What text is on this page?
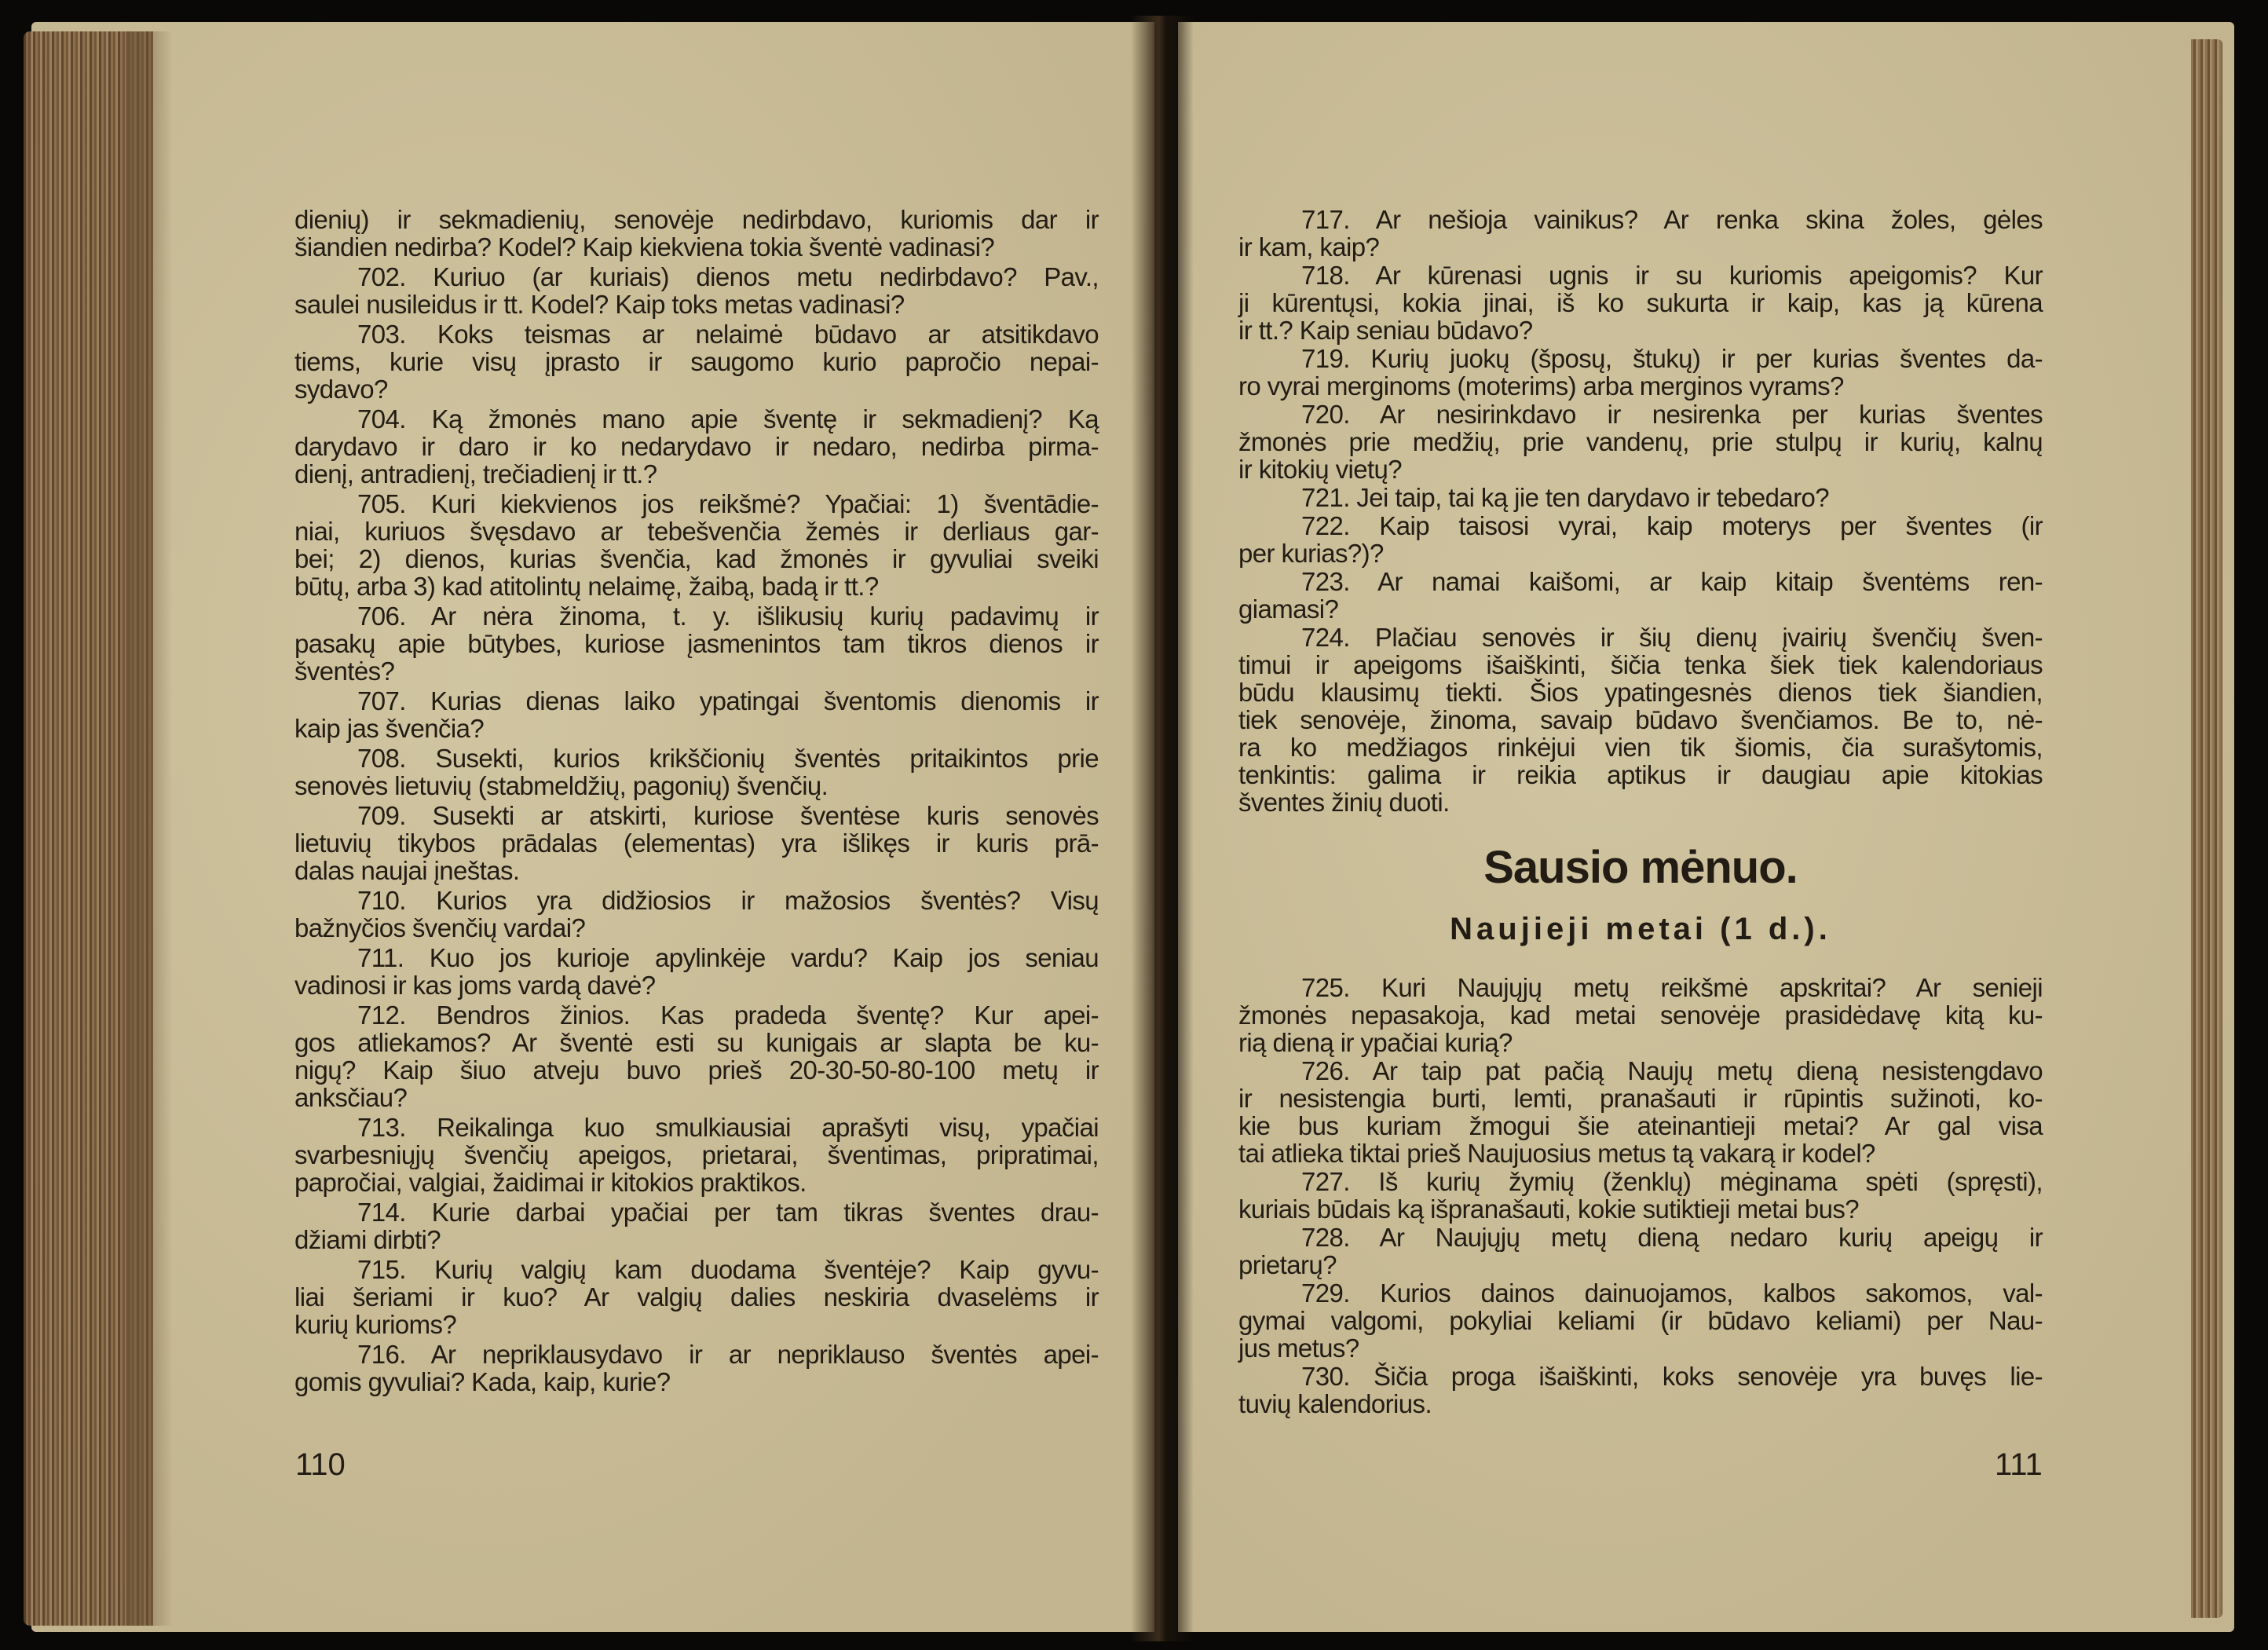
dienių) ir sekmadienių, senovėje nedirbdavo, kuriomis dar ir
šiandien nedirba? Kodel? Kaip kiekviena tokia šventė vadinasi?
702. Kuriuo (ar kuriais) dienos metu nedirbdavo? Pav.,
saulei nusileidus ir tt. Kodel? Kaip toks metas vadinasi?
703. Koks teismas ar nelaimė būdavo ar atsitikdavo
tiems, kurie visų įprasto ir saugomo kurio papročio nepai-
sydavo?
704. Ką žmonės mano apie šventę ir sekmadienį? Ką
darydavo ir daro ir ko nedarydavo ir nedaro, nedirba pirma-
dienį, antradienį, trečiadienį ir tt.?
705. Kuri kiekvienos jos reikšmė? Ypačiai: 1) šventādie-
niai, kuriuos švęsdavo ar tebešvenčia žemės ir derliaus gar-
bei; 2) dienos, kurias švenčia, kad žmonės ir gyvuliai sveiki
būtų, arba 3) kad atitolintų nelaimę, žaibą, badą ir tt.?
706. Ar nėra žinoma, t. y. išlikusių kurių padavimų ir
pasakų apie būtybes, kuriose įasmenintos tam tikros dienos ir
šventės?
707. Kurias dienas laiko ypatingai šventomis dienomis ir
kaip jas švenčia?
708. Susekti, kurios krikščionių šventės pritaikintos prie
senovės lietuvių (stabmeldžių, pagonių) švenčių.
709. Susekti ar atskirti, kuriose šventėse kuris senovės
lietuvių tikybos prādalas (elementas) yra išlikęs ir kuris prā-
dalas naujai įneštas.
710. Kurios yra didžiosios ir mažosios šventės? Visų
bažnyčios švenčių vardai?
711. Kuo jos kurioje apylinkėje vardu? Kaip jos seniau
vadinosi ir kas joms vardą davė?
712. Bendros žinios. Kas pradeda šventę? Kur apei-
gos atliekamos? Ar šventė esti su kunigais ar slapta be ku-
nigų? Kaip šiuo atveju buvo prieš 20-30-50-80-100 metų ir
anksčiau?
713. Reikalinga kuo smulkiausiai aprašyti visų, ypačiai
svarbesniųjų švenčių apeigos, prietarai, šventimas, pripratimai,
papročiai, valgiai, žaidimai ir kitokios praktikos.
714. Kurie darbai ypačiai per tam tikras šventes drau-
džiami dirbti?
715. Kurių valgių kam duodama šventėje? Kaip gyvu-
liai šeriami ir kuo? Ar valgių dalies neskiria dvaselėms ir
kurių kurioms?
716. Ar nepriklausydavo ir ar nepriklauso šventės apei-
gomis gyvuliai? Kada, kaip, kurie?
717. Ar nešioja vainikus? Ar renka skina žoles, gėles
ir kam, kaip?
718. Ar kūrenasi ugnis ir su kuriomis apeigomis? Kur
ji kūrentųsi, kokia jinai, iš ko sukurta ir kaip, kas ją kūrena
ir tt.? Kaip seniau būdavo?
719. Kurių juokų (šposų, štukų) ir per kurias šventes da-
ro vyrai merginoms (moterims) arba merginos vyrams?
720. Ar nesirinkdavo ir nesirenka per kurias šventes
žmonės prie medžių, prie vandenų, prie stulpų ir kurių, kalnų
ir kitokių vietų?
721. Jei taip, tai ką jie ten darydavo ir tebedaro?
722. Kaip taisosi vyrai, kaip moterys per šventes (ir
per kurias?)?
723. Ar namai kaišomi, ar kaip kitaip šventėms ren-
giamasi?
724. Plačiau senovės ir šių dienų įvairių švenčių šven-
timui ir apeigoms išaiškinti, šičia tenka šiek tiek kalendoriaus
būdu klausimų tiekti. Šios ypatingesnės dienos tiek šiandien,
tiek senovėje, žinoma, savaip būdavo švenčiamos. Be to, nė-
ra ko medžiagos rinkėjui vien tik šiomis, čia surašytomis,
tenkintis: galima ir reikia aptikus ir daugiau apie kitokias
šventes žinių duoti.
Sausio mėnuo.
Naujieji metai (1 d.).
725. Kuri Naujųjų metų reikšmė apskritai? Ar senieji
žmonės nepasakoja, kad metai senovėje prasidėdavę kitą ku-
rią dieną ir ypačiai kurią?
726. Ar taip pat pačią Naujų metų dieną nesistengdavo
ir nesistengia burti, lemti, pranašauti ir rūpintis sužinoti, ko-
kie bus kuriam žmogui šie ateinantieji metai? Ar gal visa
tai atlieka tiktai prieš Naujuosius metus tą vakarą ir kodel?
727. Iš kurių žymių (ženklų) mėginama spėti (spręsti),
kuriais būdais ką išpranašauti, kokie sutiktieji metai bus?
728. Ar Naujųjų metų dieną nedaro kurių apeigų ir
prietarų?
729. Kurios dainos dainuojamos, kalbos sakomos, val-
gymai valgomi, pokyliai keliami (ir būdavo keliami) per Nau-
jus metus?
730. Šičia proga išaiškinti, koks senovėje yra buvęs lie-
tuvių kalendorius.
110	111
